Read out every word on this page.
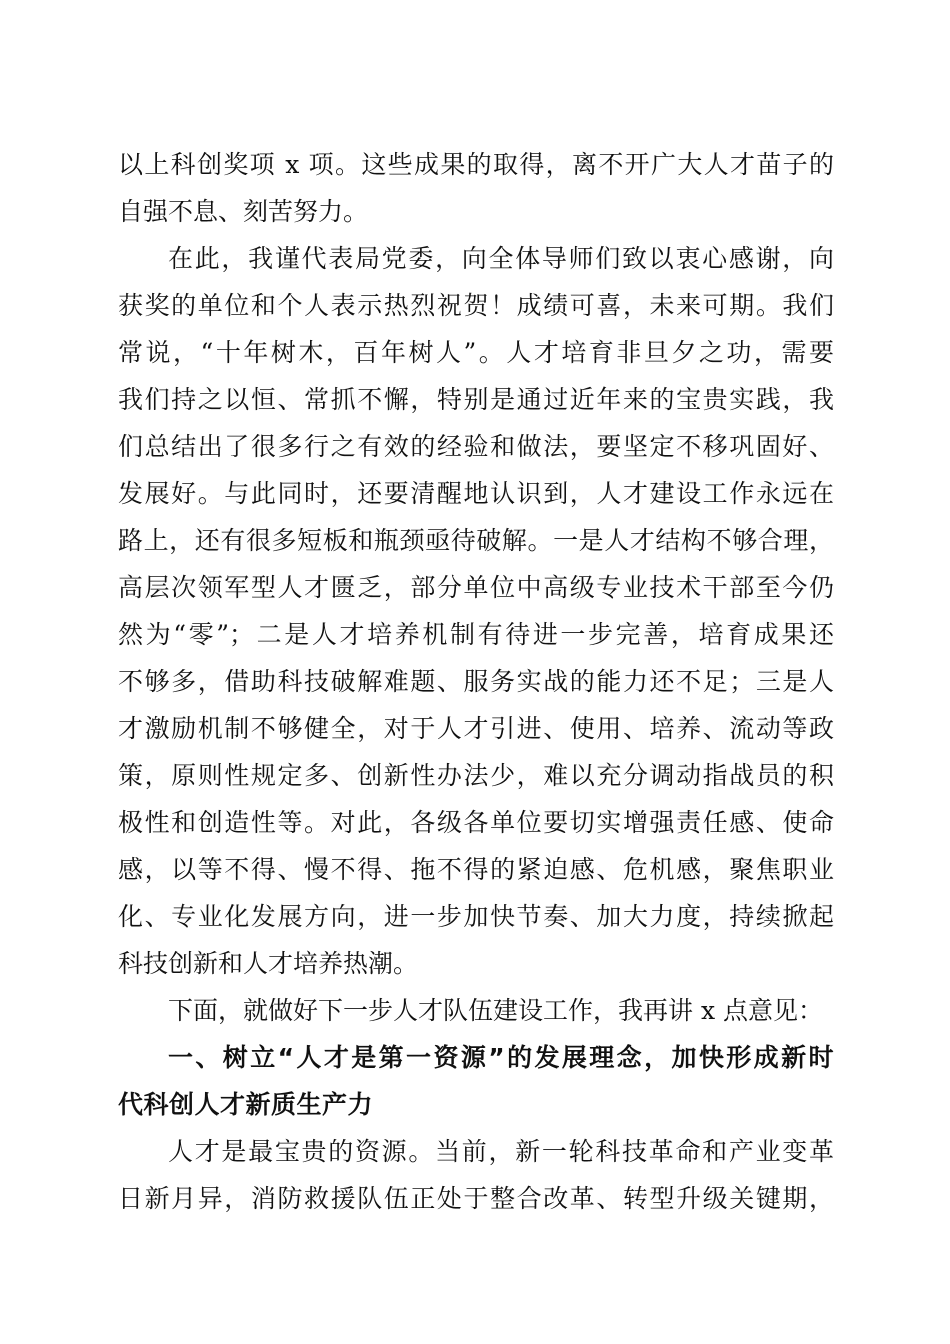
以上科创奖项 x 项。这些成果的取得，离不开广大人才苗子的
自强不息、刻苦努力。
在此，我谨代表局党委，向全体导师们致以衷心感谢，向
获奖的单位和个人表示热烈祝贺！成绩可喜，未来可期。我们
常说，“十年树木，百年树人”。人才培育非旦夕之功，需要
我们持之以恒、常抓不懈，特别是通过近年来的宝贵实践，我
们总结出了很多行之有效的经验和做法，要坚定不移巩固好、
发展好。与此同时，还要清醒地认识到，人才建设工作永远在
路上，还有很多短板和瓶颈亟待破解。一是人才结构不够合理，
高层次领军型人才匮乏，部分单位中高级专业技术干部至今仍
然为“零”；二是人才培养机制有待进一步完善，培育成果还
不够多，借助科技破解难题、服务实战的能力还不足；三是人
才激励机制不够健全，对于人才引进、使用、培养、流动等政
策，原则性规定多、创新性办法少，难以充分调动指战员的积
极性和创造性等。对此，各级各单位要切实增强责任感、使命
感，以等不得、慢不得、拖不得的紧迫感、危机感，聚焦职业
化、专业化发展方向，进一步加快节奏、加大力度，持续掀起
科技创新和人才培养热潮。
下面，就做好下一步人才队伍建设工作，我再讲 x 点意见：
一、树立“人才是第一资源”的发展理念，加快形成新时
代科创人才新质生产力
人才是最宝贵的资源。当前，新一轮科技革命和产业变革
日新月异，消防救援队伍正处于整合改革、转型升级关键期，
